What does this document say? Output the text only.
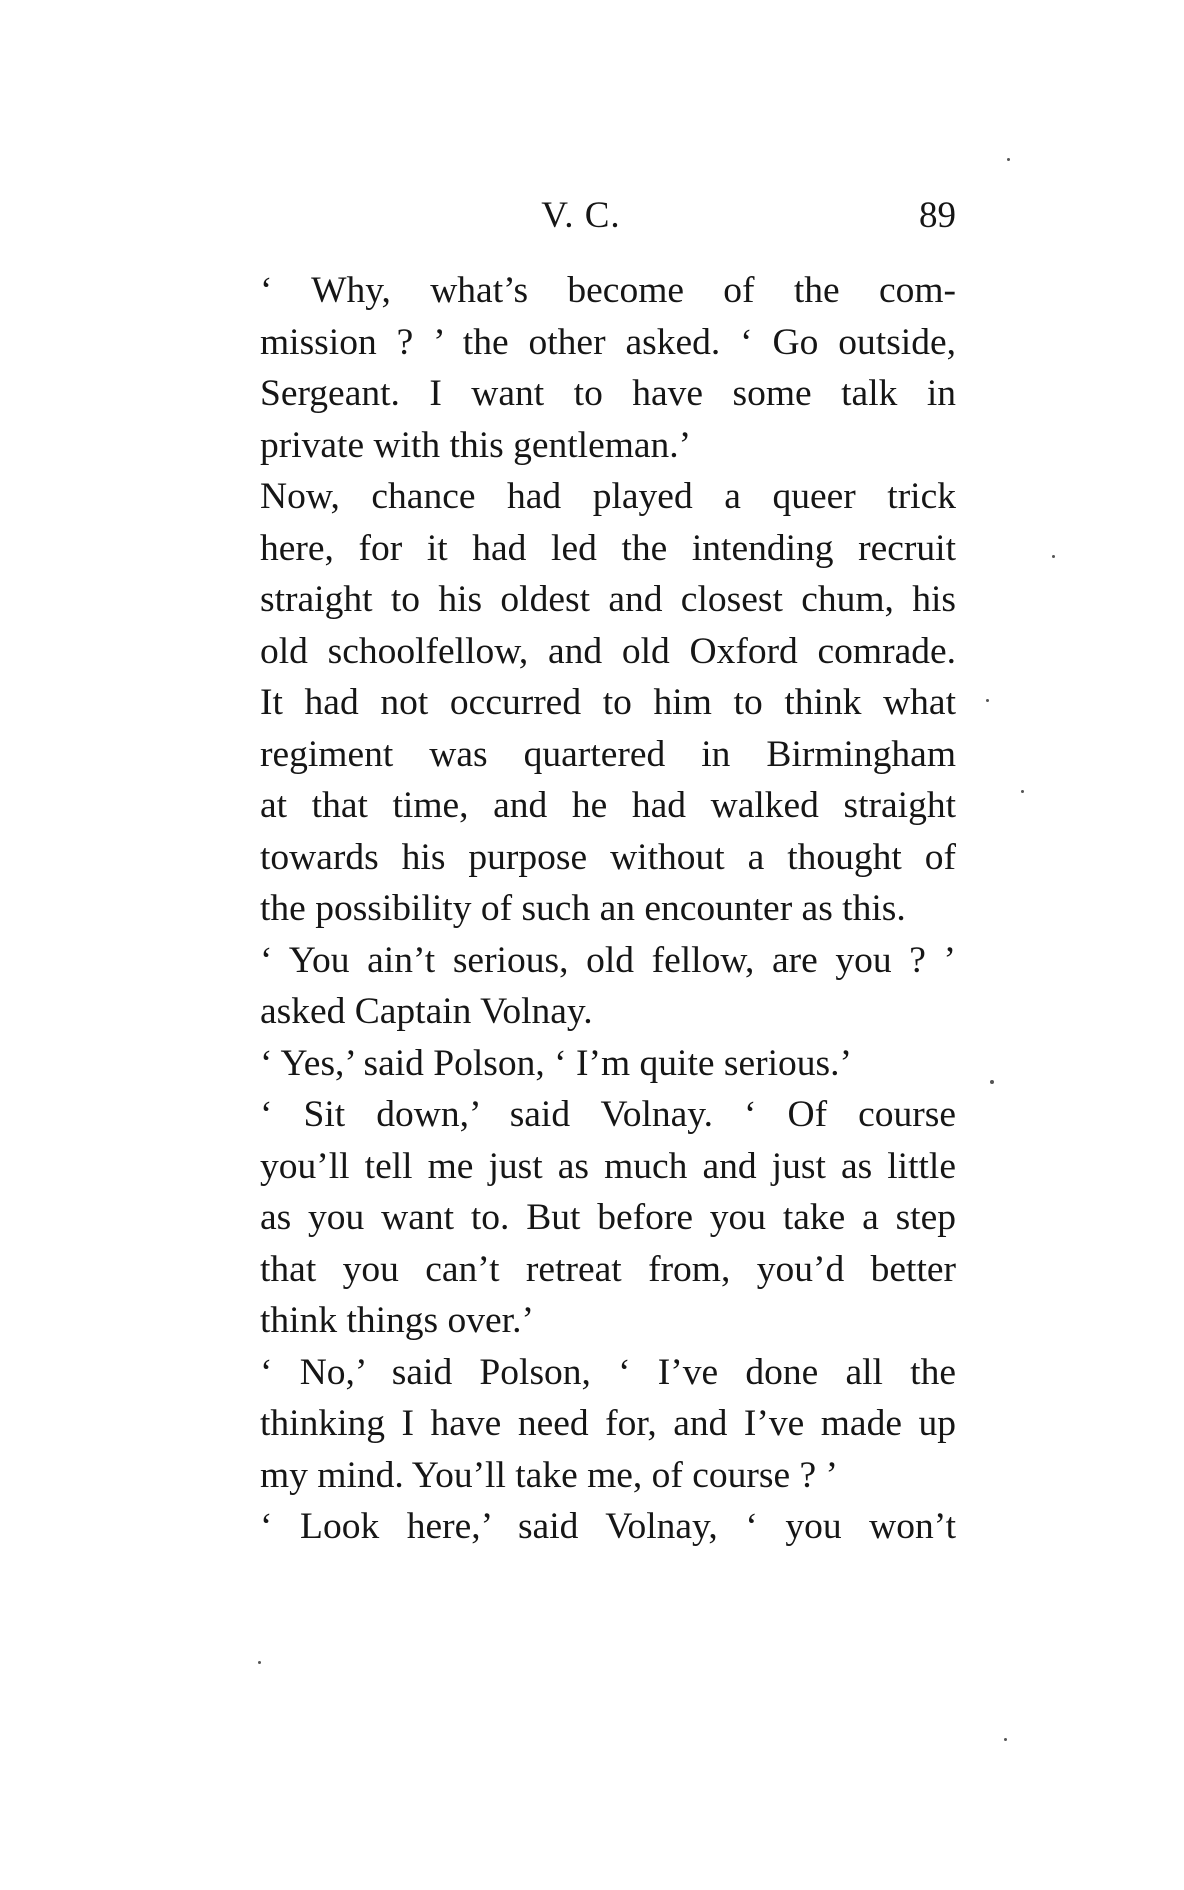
V. C.	89

‘ Why, what’s become of the com-
mission ? ’ the other asked. ‘ Go outside,
Sergeant. I want to have some talk in
private with this gentleman.’

Now, chance had played a queer trick
here, for it had led the intending recruit
straight to his oldest and closest chum, his
old schoolfellow, and old Oxford comrade.
It had not occurred to him to think what
regiment was quartered in Birmingham
at that time, and he had walked straight
towards his purpose without a thought of
the possibility of such an encounter as this.

‘ You ain’t serious, old fellow, are you ? ’
asked Captain Volnay.

‘ Yes,’ said Polson, ‘ I’m quite serious.’

‘ Sit down,’ said Volnay. ‘ Of course
you’ll tell me just as much and just as little
as you want to. But before you take a step
that you can’t retreat from, you’d better
think things over.’

‘ No,’ said Polson, ‘ I’ve done all the
thinking I have need for, and I’ve made up
my mind. You’ll take me, of course ? ’

‘ Look here,’ said Volnay, ‘ you won’t
